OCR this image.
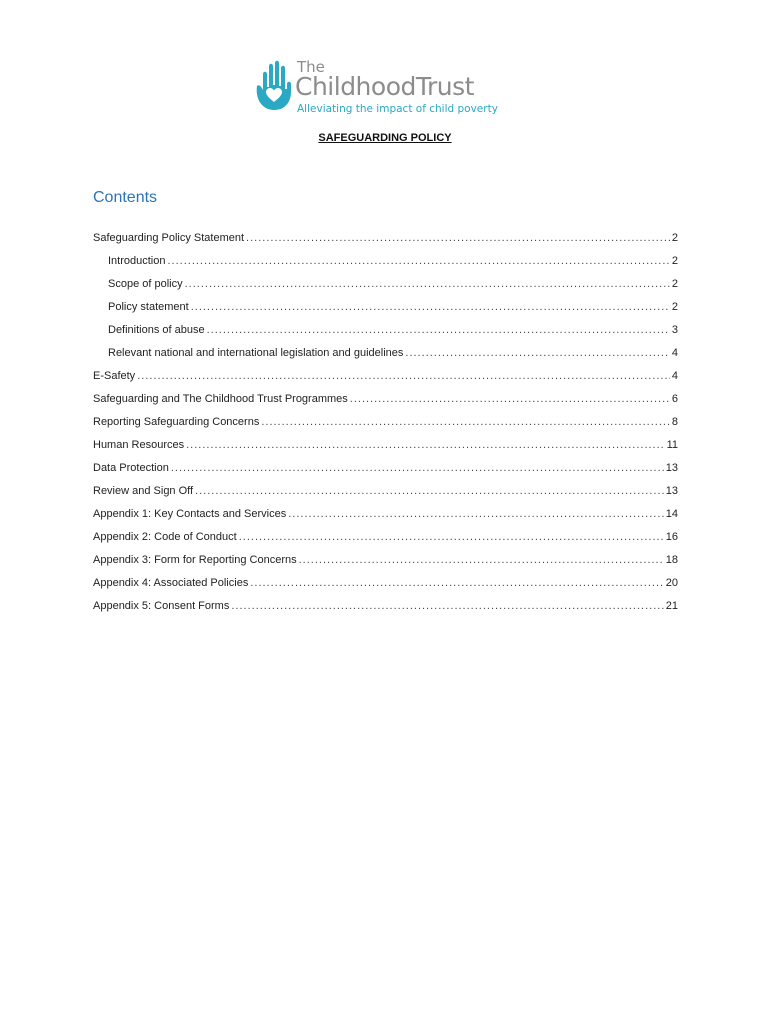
The
ChildhoodTrust
Alleviating the impact of child poverty
SAFEGUARDING POLICY
Contents
Safeguarding Policy Statement .....	2
Introduction .....	2
Scope of policy .....	2
Policy statement .....	2
Definitions of abuse .....	3
Relevant national and international legislation and guidelines .....	4
E-Safety .....	4
Safeguarding and The Childhood Trust Programmes .....	6
Reporting Safeguarding Concerns .....	8
Human Resources .....	11
Data Protection .....	13
Review and Sign Off .....	13
Appendix 1: Key Contacts and Services .....	14
Appendix 2: Code of Conduct .....	16
Appendix 3: Form for Reporting Concerns .....	18
Appendix 4: Associated Policies .....	20
Appendix 5: Consent Forms .....	21
